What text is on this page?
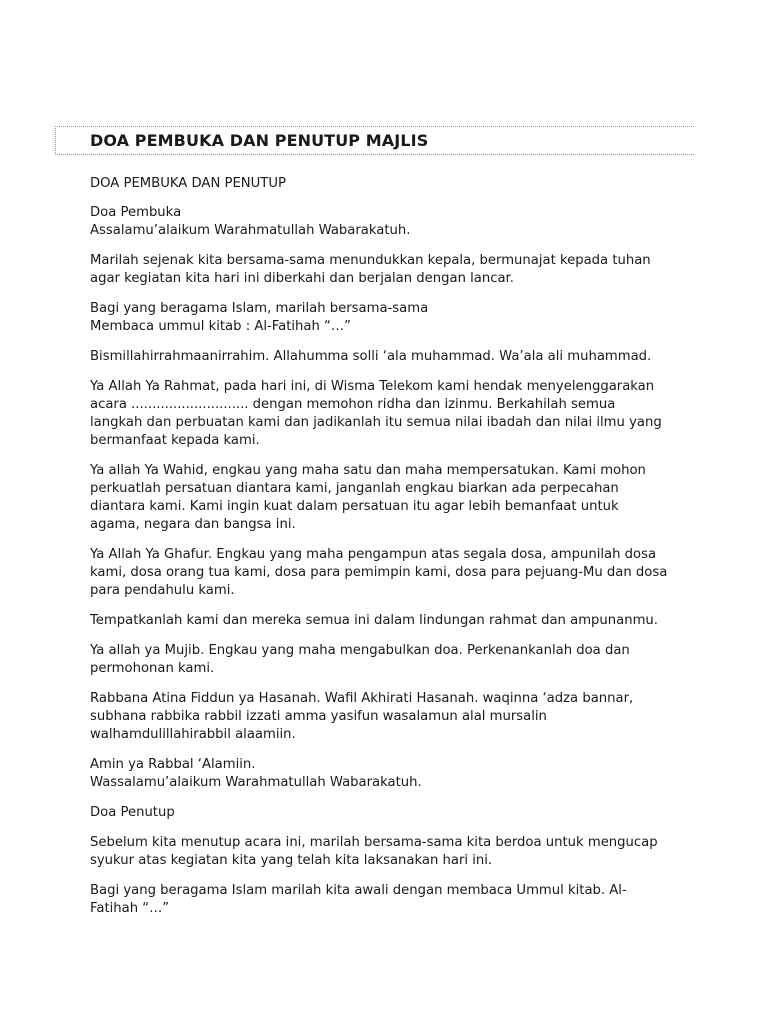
DOA PEMBUKA DAN PENUTUP MAJLIS

DOA PEMBUKA DAN PENUTUP

Doa Pembuka
Assalamu’alaikum Warahmatullah Wabarakatuh.

Marilah sejenak kita bersama-sama menundukkan kepala, bermunajat kepada tuhan
agar kegiatan kita hari ini diberkahi dan berjalan dengan lancar.

Bagi yang beragama Islam, marilah bersama-sama
Membaca ummul kitab : Al-Fatihah “…”

Bismillahirrahmaanirrahim. Allahumma solli ‘ala muhammad. Wa’ala ali muhammad.

Ya Allah Ya Rahmat, pada hari ini, di Wisma Telekom kami hendak menyelenggarakan
acara ............................ dengan memohon ridha dan izinmu. Berkahilah semua
langkah dan perbuatan kami dan jadikanlah itu semua nilai ibadah dan nilai ilmu yang
bermanfaat kepada kami.

Ya allah Ya Wahid, engkau yang maha satu dan maha mempersatukan. Kami mohon
perkuatlah persatuan diantara kami, janganlah engkau biarkan ada perpecahan
diantara kami. Kami ingin kuat dalam persatuan itu agar lebih bemanfaat untuk
agama, negara dan bangsa ini.

Ya Allah Ya Ghafur. Engkau yang maha pengampun atas segala dosa, ampunilah dosa
kami, dosa orang tua kami, dosa para pemimpin kami, dosa para pejuang-Mu dan dosa
para pendahulu kami.

Tempatkanlah kami dan mereka semua ini dalam lindungan rahmat dan ampunanmu.

Ya allah ya Mujib. Engkau yang maha mengabulkan doa. Perkenankanlah doa dan
permohonan kami.

Rabbana Atina Fiddun ya Hasanah. Wafil Akhirati Hasanah. waqinna ‘adza bannar,
subhana rabbika rabbil izzati amma yasifun wasalamun alal mursalin
walhamdulillahirabbil alaamiin.

Amin ya Rabbal ‘Alamiin.
Wassalamu’alaikum Warahmatullah Wabarakatuh.

Doa Penutup

Sebelum kita menutup acara ini, marilah bersama-sama kita berdoa untuk mengucap
syukur atas kegiatan kita yang telah kita laksanakan hari ini.

Bagi yang beragama Islam marilah kita awali dengan membaca Ummul kitab. Al-
Fatihah “…”
